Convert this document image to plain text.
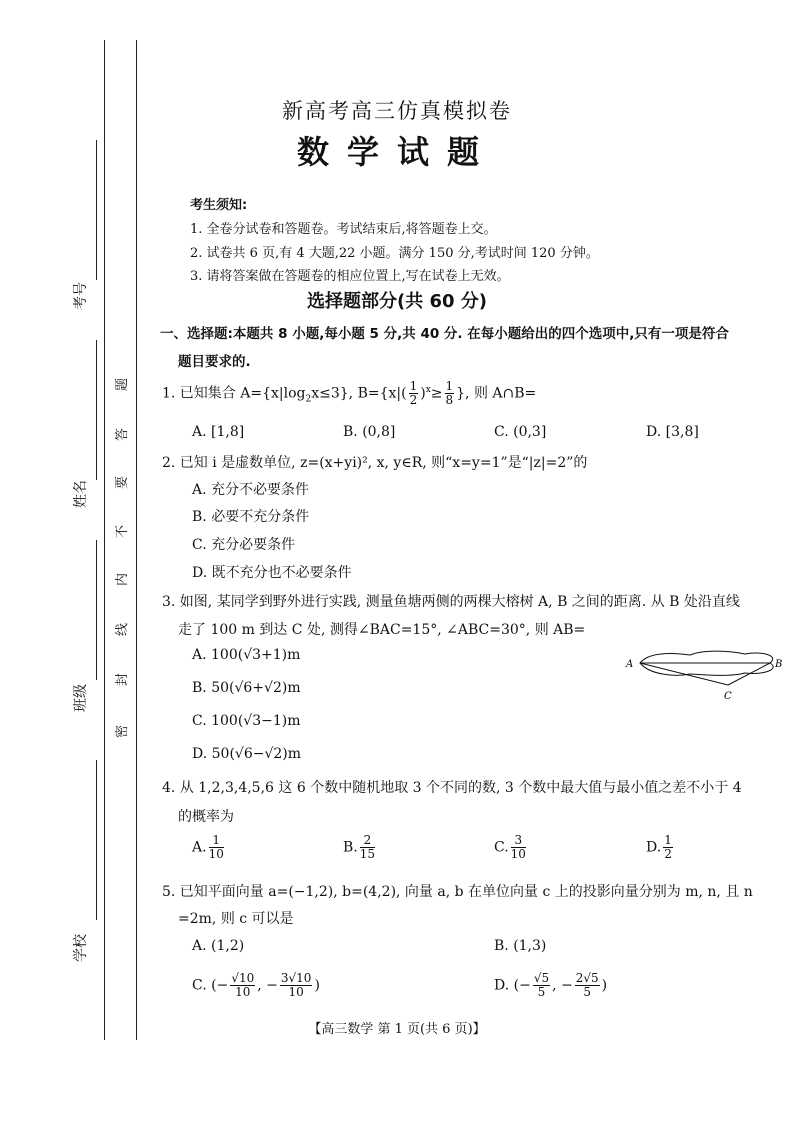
考号
姓名
班级
学校
题
答
要
不
内
线
封
密
新高考高三仿真模拟卷
数学试题
考生须知:
1. 全卷分试卷和答题卷。考试结束后,将答题卷上交。
2. 试卷共 6 页,有 4 大题,22 小题。满分 150 分,考试时间 120 分钟。
3. 请将答案做在答题卷的相应位置上,写在试卷上无效。
选择题部分(共 60 分)
一、选择题:本题共 8 小题,每小题 5 分,共 40 分. 在每小题给出的四个选项中,只有一项是符合
题目要求的.
1. 已知集合 $A=\{x|\log_2x\le 3\}$, $B=\{x|( \frac{1}{2} )^x\ge \frac{1}{8}$ }, 则 A∩B=
A. [1,8]	B. (0,8]	C. (0,3]	D. [3,8]
2. 已知 i 是虚数单位, z=(x+yi)², x, y∈R, 则“x=y=1”是“|z|=2”的
A. 充分不必要条件
B. 必要不充分条件
C. 充分必要条件
D. 既不充分也不必要条件
3. 如图, 某同学到野外进行实践, 测量鱼塘两侧的两棵大榕树 A, B 之间的距离. 从 B 处沿直线
走了 100 m 到达 C 处, 测得∠BAC=15°, ∠ABC=30°, 则 AB=
A. 100(√3+1)m
B. 50(√6+√2)m
C. 100(√3−1)m
D. 50(√6−√2)m
A	B
C
4. 从 1,2,3,4,5,6 这 6 个数中随机地取 3 个不同的数, 3 个数中最大值与最小值之差不小于 4
的概率为
A. $\frac{1}{10}$	B. $\frac{2}{15}$	C. $\frac{3}{10}$	D. $\frac{1}{2}$
5. 已知平面向量 a=(−1,2), b=(4,2), 向量 a, b 在单位向量 c 上的投影向量分别为 m, n, 且 n
=2m, 则 c 可以是
A. (1,2)	B. (1,3)
C. (− $\frac{√10}{10}$ , − $\frac{3√10}{10}$ )	D. (− $\frac{√5}{5}$ , − $\frac{2√5}{5}$ )
【高三数学 第 1 页(共 6 页)】
